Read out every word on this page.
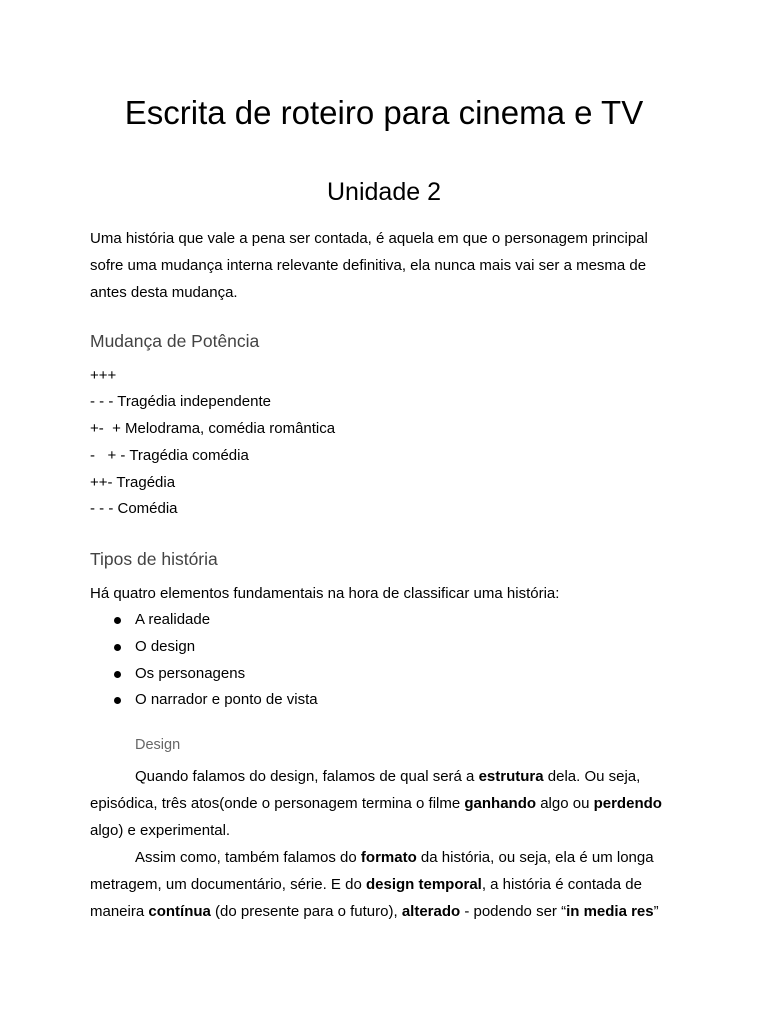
Escrita de roteiro para cinema e TV
Unidade 2

Uma história que vale a pena ser contada, é aquela em que o personagem principal
sofre uma mudança interna relevante definitiva, ela nunca mais vai ser a mesma de
antes desta mudança.

Mudança de Potência

+++

- - - Tragédia independente

+-  + Melodrama, comédia romântica

-   + - Tragédia comédia

++- Tragédia

- - - Comédia

Tipos de história

Há quatro elementos fundamentais na hora de classificar uma história:

A realidade
O design
Os personagens
O narrador e ponto de vista
Design

Quando falamos do design, falamos de qual será a estrutura dela. Ou seja,
episódica, três atos(onde o personagem termina o filme ganhando algo ou perdendo
algo) e experimental.

Assim como, também falamos do formato da história, ou seja, ela é um longa
metragem, um documentário, série. E do design temporal, a história é contada de
maneira contínua (do presente para o futuro), alterado - podendo ser “in media res”
